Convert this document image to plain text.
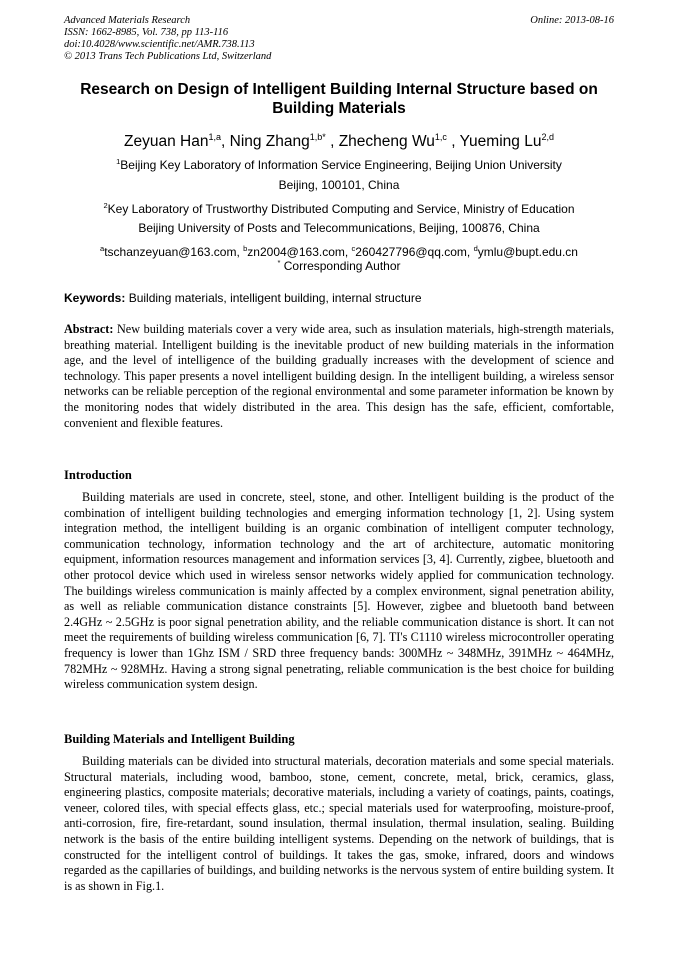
Advanced Materials Research
ISSN: 1662-8985, Vol. 738, pp 113-116
doi:10.4028/www.scientific.net/AMR.738.113
© 2013 Trans Tech Publications Ltd, Switzerland
Online: 2013-08-16
Research on Design of Intelligent Building Internal Structure based on
Building Materials
Zeyuan Han$^{1,a}$, Ning Zhang$^{1,b*}$ , Zhecheng Wu$^{1,c}$ , Yueming Lu$^{2,d}$
$^1$Beijing Key Laboratory of Information Service Engineering, Beijing Union University
Beijing, 100101, China
$^2$Key Laboratory of Trustworthy Distributed Computing and Service, Ministry of Education
Beijing University of Posts and Telecommunications, Beijing, 100876, China
$^a$tschanzeyuan@163.com, $^b$zn2004@163.com, $^c$260427796@qq.com, $^d$ymlu@bupt.edu.cn
* Corresponding Author
Keywords: Building materials, intelligent building, internal structure
Abstract: New building materials cover a very wide area, such as insulation materials, high-strength materials, breathing material. Intelligent building is the inevitable product of new building materials in the information age, and the level of intelligence of the building gradually increases with the development of science and technology. This paper presents a novel intelligent building design. In the intelligent building, a wireless sensor networks can be reliable perception of the regional environmental and some parameter information be known by the monitoring nodes that widely distributed in the area. This design has the safe, efficient, comfortable, convenient and flexible features.
Introduction
Building materials are used in concrete, steel, stone, and other. Intelligent building is the product of the combination of intelligent building technologies and emerging information technology [1, 2]. Using system integration method, the intelligent building is an organic combination of intelligent computer technology, communication technology, information technology and the art of architecture, automatic monitoring equipment, information resources management and information services [3, 4]. Currently, zigbee, bluetooth and other protocol device which used in wireless sensor networks widely applied for communication technology. The buildings wireless communication is mainly affected by a complex environment, signal penetration ability, as well as reliable communication distance constraints [5]. However, zigbee and bluetooth band between 2.4GHz ~ 2.5GHz is poor signal penetration ability, and the reliable communication distance is short. It can not meet the requirements of building wireless communication [6, 7]. TI's C1110 wireless microcontroller operating frequency is lower than 1Ghz ISM / SRD three frequency bands: 300MHz ~ 348MHz, 391MHz ~ 464MHz, 782MHz ~ 928MHz. Having a strong signal penetrating, reliable communication is the best choice for building wireless communication system design.
Building Materials and Intelligent Building
Building materials can be divided into structural materials, decoration materials and some special materials. Structural materials, including wood, bamboo, stone, cement, concrete, metal, brick, ceramics, glass, engineering plastics, composite materials; decorative materials, including a variety of coatings, paints, coatings, veneer, colored tiles, with special effects glass, etc.; special materials used for waterproofing, moisture-proof, anti-corrosion, fire, fire-retardant, sound insulation, thermal insulation, thermal insulation, sealing. Building network is the basis of the entire building intelligent systems. Depending on the network of buildings, that is constructed for the intelligent control of buildings. It takes the gas, smoke, infrared, doors and windows regarded as the capillaries of buildings, and building networks is the nervous system of entire building system. It is as shown in Fig.1.
